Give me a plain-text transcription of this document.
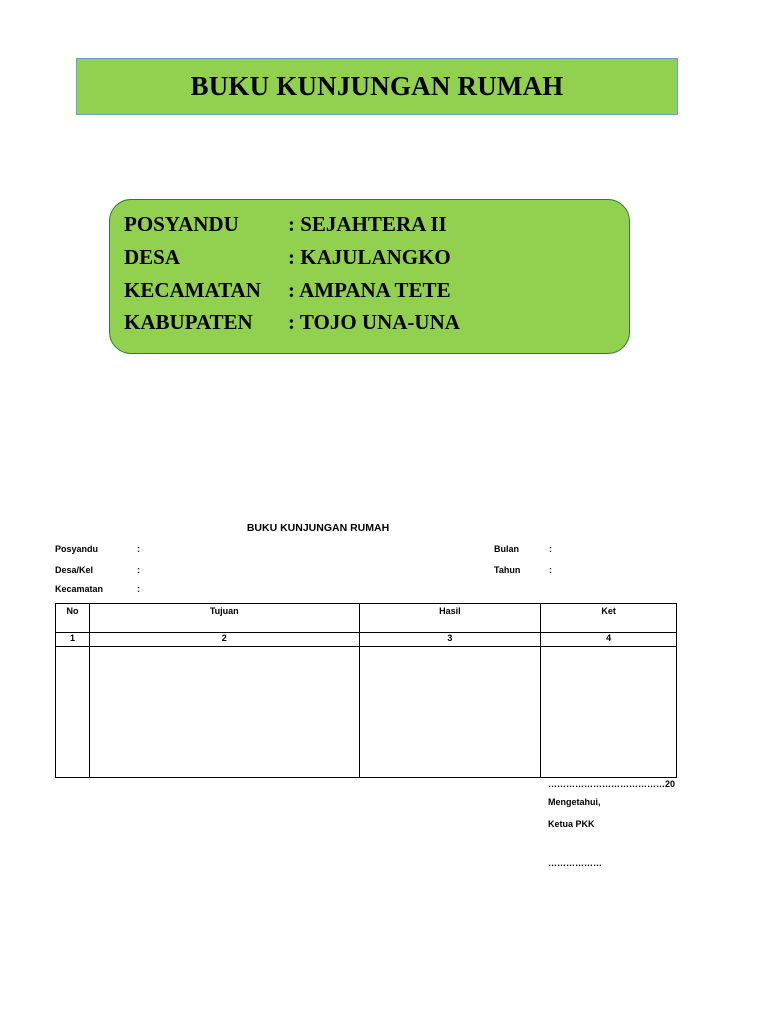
BUKU KUNJUNGAN RUMAH
POSYANDU : SEJAHTERA II
DESA	: KAJULANGKO
KECAMATAN : AMPANA TETE
KABUPATEN : TOJO UNA-UNA
BUKU KUNJUNGAN RUMAH
Posyandu	:
Desa/Kel	:
Kecamatan	:
Bulan	:
Tahun	:
No	Tujuan	Hasil	Ket
1	2	3	4

…………………………………20
Mengetahui,
Ketua PKK
………………
